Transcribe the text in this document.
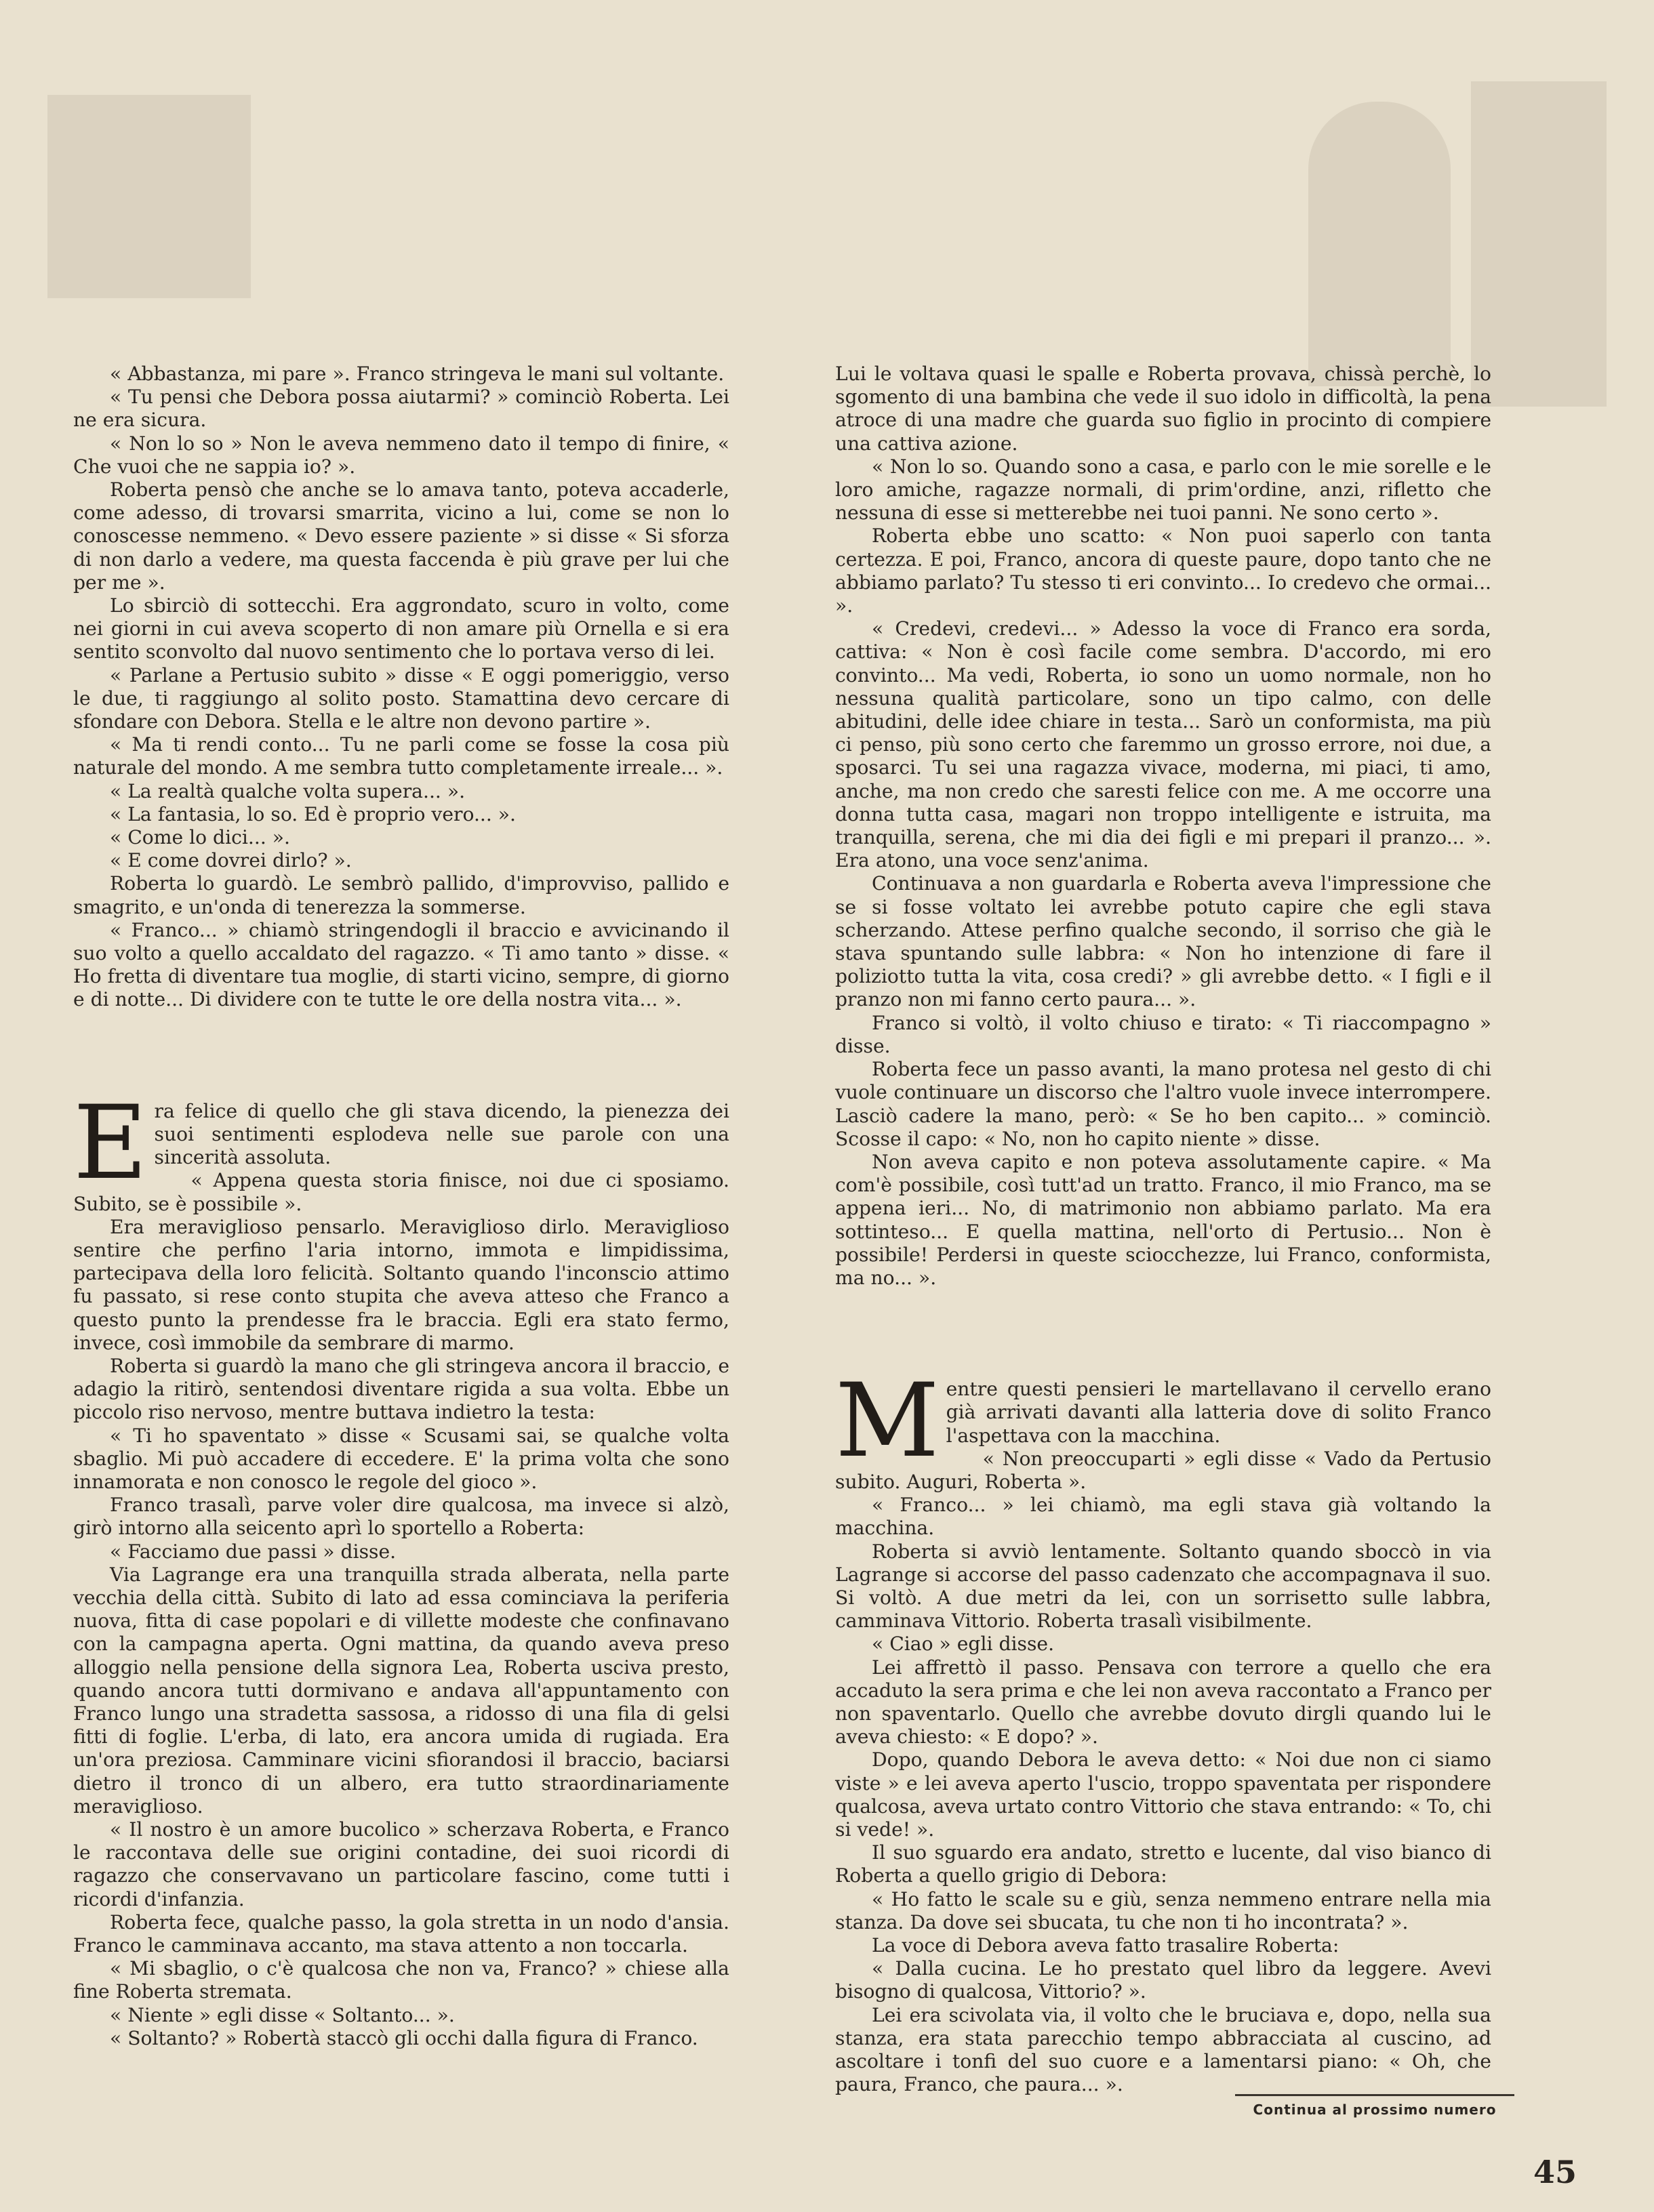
« Abbastanza, mi pare ». Franco stringeva le mani sul voltante.

« Tu pensi che Debora possa aiutarmi? » cominciò Roberta. Lei ne era sicura.

« Non lo so » Non le aveva nemmeno dato il tempo di finire, « Che vuoi che ne sappia io? ».

Roberta pensò che anche se lo amava tanto, poteva accaderle, come adesso, di trovarsi smarrita, vicino a lui, come se non lo conoscesse nemmeno. « Devo essere paziente » si disse « Si sforza di non darlo a vedere, ma questa faccenda è più grave per lui che per me ».

Lo sbirciò di sottecchi. Era aggrondato, scuro in volto, come nei giorni in cui aveva scoperto di non amare più Ornella e si era sentito sconvolto dal nuovo sentimento che lo portava verso di lei.

« Parlane a Pertusio subito » disse « E oggi pomeriggio, verso le due, ti raggiungo al solito posto. Stamattina devo cercare di sfondare con Debora. Stella e le altre non devono partire ».

« Ma ti rendi conto... Tu ne parli come se fosse la cosa più naturale del mondo. A me sembra tutto completamente irreale... ».

« La realtà qualche volta supera... ».

« La fantasia, lo so. Ed è proprio vero... ».

« Come lo dici... ».

« E come dovrei dirlo? ».

Roberta lo guardò. Le sembrò pallido, d'improvviso, pallido e smagrito, e un'onda di tenerezza la sommerse.

« Franco... » chiamò stringendogli il braccio e avvicinando il suo volto a quello accaldato del ragazzo. « Ti amo tanto » disse. « Ho fretta di diventare tua moglie, di starti vicino, sempre, di giorno e di notte... Di dividere con te tutte le ore della nostra vita... ».

Era felice di quello che gli stava dicendo, la pienezza dei suoi sentimenti esplodeva nelle sue parole con una sincerità assoluta.

« Appena questa storia finisce, noi due ci sposiamo. Subito, se è possibile ».

Era meraviglioso pensarlo. Meraviglioso dirlo. Meraviglioso sentire che perfino l'aria intorno, immota e limpidissima, partecipava della loro felicità. Soltanto quando l'inconscio attimo fu passato, si rese conto stupita che aveva atteso che Franco a questo punto la prendesse fra le braccia. Egli era stato fermo, invece, così immobile da sembrare di marmo.

Roberta si guardò la mano che gli stringeva ancora il braccio, e adagio la ritirò, sentendosi diventare rigida a sua volta. Ebbe un piccolo riso nervoso, mentre buttava indietro la testa:

« Ti ho spaventato » disse « Scusami sai, se qualche volta sbaglio. Mi può accadere di eccedere. E' la prima volta che sono innamorata e non conosco le regole del gioco ».

Franco trasalì, parve voler dire qualcosa, ma invece si alzò, girò intorno alla seicento aprì lo sportello a Roberta:

« Facciamo due passi » disse.

Via Lagrange era una tranquilla strada alberata, nella parte vecchia della città. Subito di lato ad essa cominciava la periferia nuova, fitta di case popolari e di villette modeste che confinavano con la campagna aperta. Ogni mattina, da quando aveva preso alloggio nella pensione della signora Lea, Roberta usciva presto, quando ancora tutti dormivano e andava all'appuntamento con Franco lungo una stradetta sassosa, a ridosso di una fila di gelsi fitti di foglie. L'erba, di lato, era ancora umida di rugiada. Era un'ora preziosa. Camminare vicini sfiorandosi il braccio, baciarsi dietro il tronco di un albero, era tutto straordinariamente meraviglioso.

« Il nostro è un amore bucolico » scherzava Roberta, e Franco le raccontava delle sue origini contadine, dei suoi ricordi di ragazzo che conservavano un particolare fascino, come tutti i ricordi d'infanzia.

Roberta fece, qualche passo, la gola stretta in un nodo d'ansia. Franco le camminava accanto, ma stava attento a non toccarla.

« Mi sbaglio, o c'è qualcosa che non va, Franco? » chiese alla fine Roberta stremata.

« Niente » egli disse « Soltanto... ».

« Soltanto? » Robertà staccò gli occhi dalla figura di Franco.

Lui le voltava quasi le spalle e Roberta provava, chissà perchè, lo sgomento di una bambina che vede il suo idolo in difficoltà, la pena atroce di una madre che guarda suo figlio in procinto di compiere una cattiva azione.

« Non lo so. Quando sono a casa, e parlo con le mie sorelle e le loro amiche, ragazze normali, di prim'ordine, anzi, rifletto che nessuna di esse si metterebbe nei tuoi panni. Ne sono certo ».

Roberta ebbe uno scatto: « Non puoi saperlo con tanta certezza. E poi, Franco, ancora di queste paure, dopo tanto che ne abbiamo parlato? Tu stesso ti eri convinto... Io credevo che ormai... ».

« Credevi, credevi... » Adesso la voce di Franco era sorda, cattiva: « Non è così facile come sembra. D'accordo, mi ero convinto... Ma vedi, Roberta, io sono un uomo normale, non ho nessuna qualità particolare, sono un tipo calmo, con delle abitudini, delle idee chiare in testa... Sarò un conformista, ma più ci penso, più sono certo che faremmo un grosso errore, noi due, a sposarci. Tu sei una ragazza vivace, moderna, mi piaci, ti amo, anche, ma non credo che saresti felice con me. A me occorre una donna tutta casa, magari non troppo intelligente e istruita, ma tranquilla, serena, che mi dia dei figli e mi prepari il pranzo... ». Era atono, una voce senz'anima.

Continuava a non guardarla e Roberta aveva l'impressione che se si fosse voltato lei avrebbe potuto capire che egli stava scherzando. Attese perfino qualche secondo, il sorriso che già le stava spuntando sulle labbra: « Non ho intenzione di fare il poliziotto tutta la vita, cosa credi? » gli avrebbe detto. « I figli e il pranzo non mi fanno certo paura... ».

Franco si voltò, il volto chiuso e tirato: « Ti riaccompagno » disse.

Roberta fece un passo avanti, la mano protesa nel gesto di chi vuole continuare un discorso che l'altro vuole invece interrompere. Lasciò cadere la mano, però: « Se ho ben capito... » cominciò. Scosse il capo: « No, non ho capito niente » disse.

Non aveva capito e non poteva assolutamente capire. « Ma com'è possibile, così tutt'ad un tratto. Franco, il mio Franco, ma se appena ieri... No, di matrimonio non abbiamo parlato. Ma era sottinteso... E quella mattina, nell'orto di Pertusio... Non è possibile! Perdersi in queste sciocchezze, lui Franco, conformista, ma no... ».

Mentre questi pensieri le martellavano il cervello erano già arrivati davanti alla latteria dove di solito Franco l'aspettava con la macchina.

« Non preoccuparti » egli disse « Vado da Pertusio subito. Auguri, Roberta ».

« Franco... » lei chiamò, ma egli stava già voltando la macchina.

Roberta si avviò lentamente. Soltanto quando sboccò in via Lagrange si accorse del passo cadenzato che accompagnava il suo. Si voltò. A due metri da lei, con un sorrisetto sulle labbra, camminava Vittorio. Roberta trasalì visibilmente.

« Ciao » egli disse.

Lei affrettò il passo. Pensava con terrore a quello che era accaduto la sera prima e che lei non aveva raccontato a Franco per non spaventarlo. Quello che avrebbe dovuto dirgli quando lui le aveva chiesto: « E dopo? ».

Dopo, quando Debora le aveva detto: « Noi due non ci siamo viste » e lei aveva aperto l'uscio, troppo spaventata per rispondere qualcosa, aveva urtato contro Vittorio che stava entrando: « To, chi si vede! ».

Il suo sguardo era andato, stretto e lucente, dal viso bianco di Roberta a quello grigio di Debora:

« Ho fatto le scale su e giù, senza nemmeno entrare nella mia stanza. Da dove sei sbucata, tu che non ti ho incontrata? ».

La voce di Debora aveva fatto trasalire Roberta:

« Dalla cucina. Le ho prestato quel libro da leggere. Avevi bisogno di qualcosa, Vittorio? ».

Lei era scivolata via, il volto che le bruciava e, dopo, nella sua stanza, era stata parecchio tempo abbracciata al cuscino, ad ascoltare i tonfi del suo cuore e a lamentarsi piano: « Oh, che paura, Franco, che paura... ».

Continua al prossimo numero
45
